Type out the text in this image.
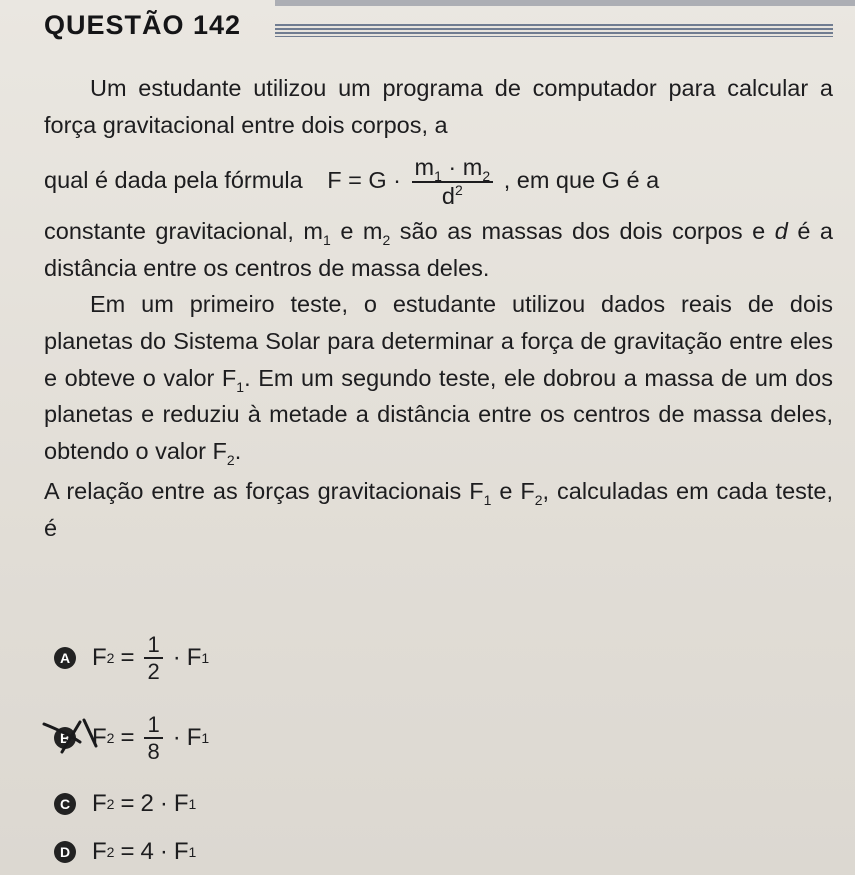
QUESTÃO 142

Um estudante utilizou um programa de computador para calcular a força gravitacional entre dois corpos, a

qual é dada pela fórmula $F = G \cdot \frac{m_1 \cdot m_2}{d^2}$ , em que G é a

constante gravitacional, $m_1$ e $m_2$ são as massas dos dois corpos e d é a distância entre os centros de massa deles.

Em um primeiro teste, o estudante utilizou dados reais de dois planetas do Sistema Solar para determinar a força de gravitação entre eles e obteve o valor $F_1$. Em um segundo teste, ele dobrou a massa de um dos planetas e reduziu à metade a distância entre os centros de massa deles, obtendo o valor $F_2$.

A relação entre as forças gravitacionais $F_1$ e $F_2$, calculadas em cada teste, é

A F $2 = \frac{1}{2} \cdot F$ 1
B F $2 = \frac{1}{8} \cdot F$ 1
C F 2 = 2 · F 1
D F 2 = 4 · F 1
